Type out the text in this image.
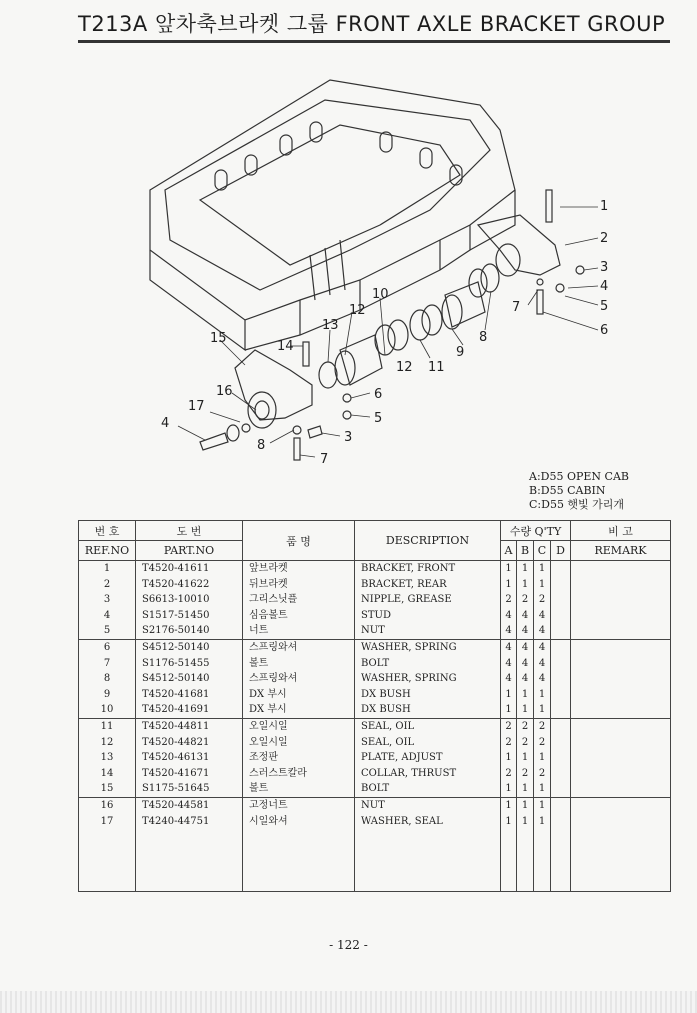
T213A 앞차축브라켓 그룹 FRONT AXLE BRACKET GROUP
1
2
3
4
5
6
7
8
9
10
11
12
13
14
15
16
17
4
6
5
3
8
7
12
A:D55 OPEN CAB
B:D55 CABIN
C:D55 햇빛 가리개
번 호	도 번	품 명	DESCRIPTION	수량 Q'TY				비 고
REF.NO	PART.NO			A	B	C	D	REMARK
1	T4520-41611	앞브라켓	BRACKET, FRONT	1	1	1		
2	T4520-41622	뒤브라켓	BRACKET, REAR	1	1	1		
3	S6613-10010	그리스닛플	NIPPLE, GREASE	2	2	2		
4	S1517-51450	심음볼트	STUD	4	4	4		
5	S2176-50140	너트	NUT	4	4	4		
6	S4512-50140	스프링와셔	WASHER, SPRING	4	4	4		
7	S1176-51455	볼트	BOLT	4	4	4		
8	S4512-50140	스프링와셔	WASHER, SPRING	4	4	4		
9	T4520-41681	DX 부시	DX BUSH	1	1	1		
10	T4520-41691	DX 부시	DX BUSH	1	1	1		
11	T4520-44811	오일시일	SEAL, OIL	2	2	2		
12	T4520-44821	오일시일	SEAL, OIL	2	2	2		
13	T4520-46131	조정판	PLATE, ADJUST	1	1	1		
14	T4520-41671	스러스트칼라	COLLAR, THRUST	2	2	2		
15	S1175-51645	볼트	BOLT	1	1	1		
16	T4520-44581	고정너트	NUT	1	1	1		
17	T4240-44751	시일와셔	WASHER, SEAL	1	1	1		

- 122 -
